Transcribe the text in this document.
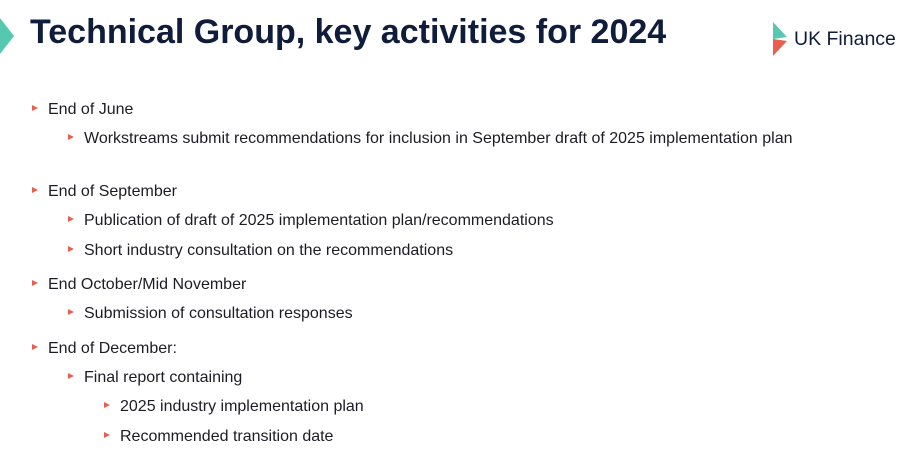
Technical Group, key activities for 2024	UK Finance
End of June
Workstreams submit recommendations for inclusion in September draft of 2025 implementation plan
End of September
Publication of draft of 2025 implementation plan/recommendations
Short industry consultation on the recommendations
End October/Mid November
Submission of consultation responses
End of December:
Final report containing
2025 industry implementation plan
Recommended transition date
